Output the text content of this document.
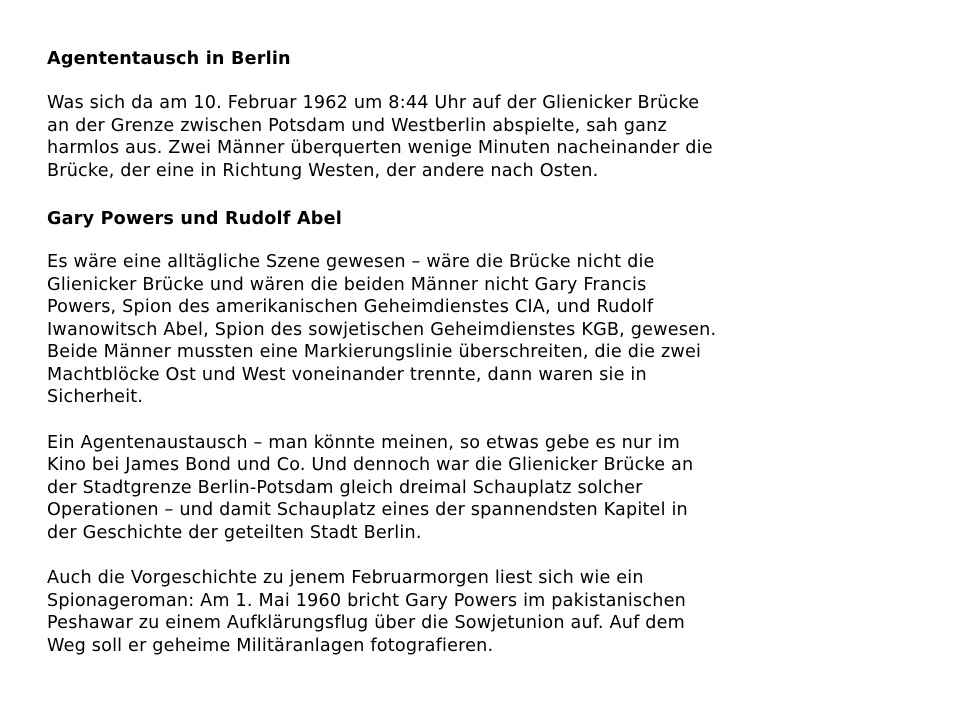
Agententausch in Berlin

Was sich da am 10. Februar 1962 um 8:44 Uhr auf der Glienicker Brücke
an der Grenze zwischen Potsdam und Westberlin abspielte, sah ganz
harmlos aus. Zwei Männer überquerten wenige Minuten nacheinander die
Brücke, der eine in Richtung Westen, der andere nach Osten.

Gary Powers und Rudolf Abel

Es wäre eine alltägliche Szene gewesen – wäre die Brücke nicht die
Glienicker Brücke und wären die beiden Männer nicht Gary Francis
Powers, Spion des amerikanischen Geheimdienstes CIA, und Rudolf
Iwanowitsch Abel, Spion des sowjetischen Geheimdienstes KGB, gewesen.
Beide Männer mussten eine Markierungslinie überschreiten, die die zwei
Machtblöcke Ost und West voneinander trennte, dann waren sie in
Sicherheit.

Ein Agentenaustausch – man könnte meinen, so etwas gebe es nur im
Kino bei James Bond und Co. Und dennoch war die Glienicker Brücke an
der Stadtgrenze Berlin-Potsdam gleich dreimal Schauplatz solcher
Operationen – und damit Schauplatz eines der spannendsten Kapitel in
der Geschichte der geteilten Stadt Berlin.

Auch die Vorgeschichte zu jenem Februarmorgen liest sich wie ein
Spionageroman: Am 1. Mai 1960 bricht Gary Powers im pakistanischen
Peshawar zu einem Aufklärungsflug über die Sowjetunion auf. Auf dem
Weg soll er geheime Militäranlagen fotografieren.
